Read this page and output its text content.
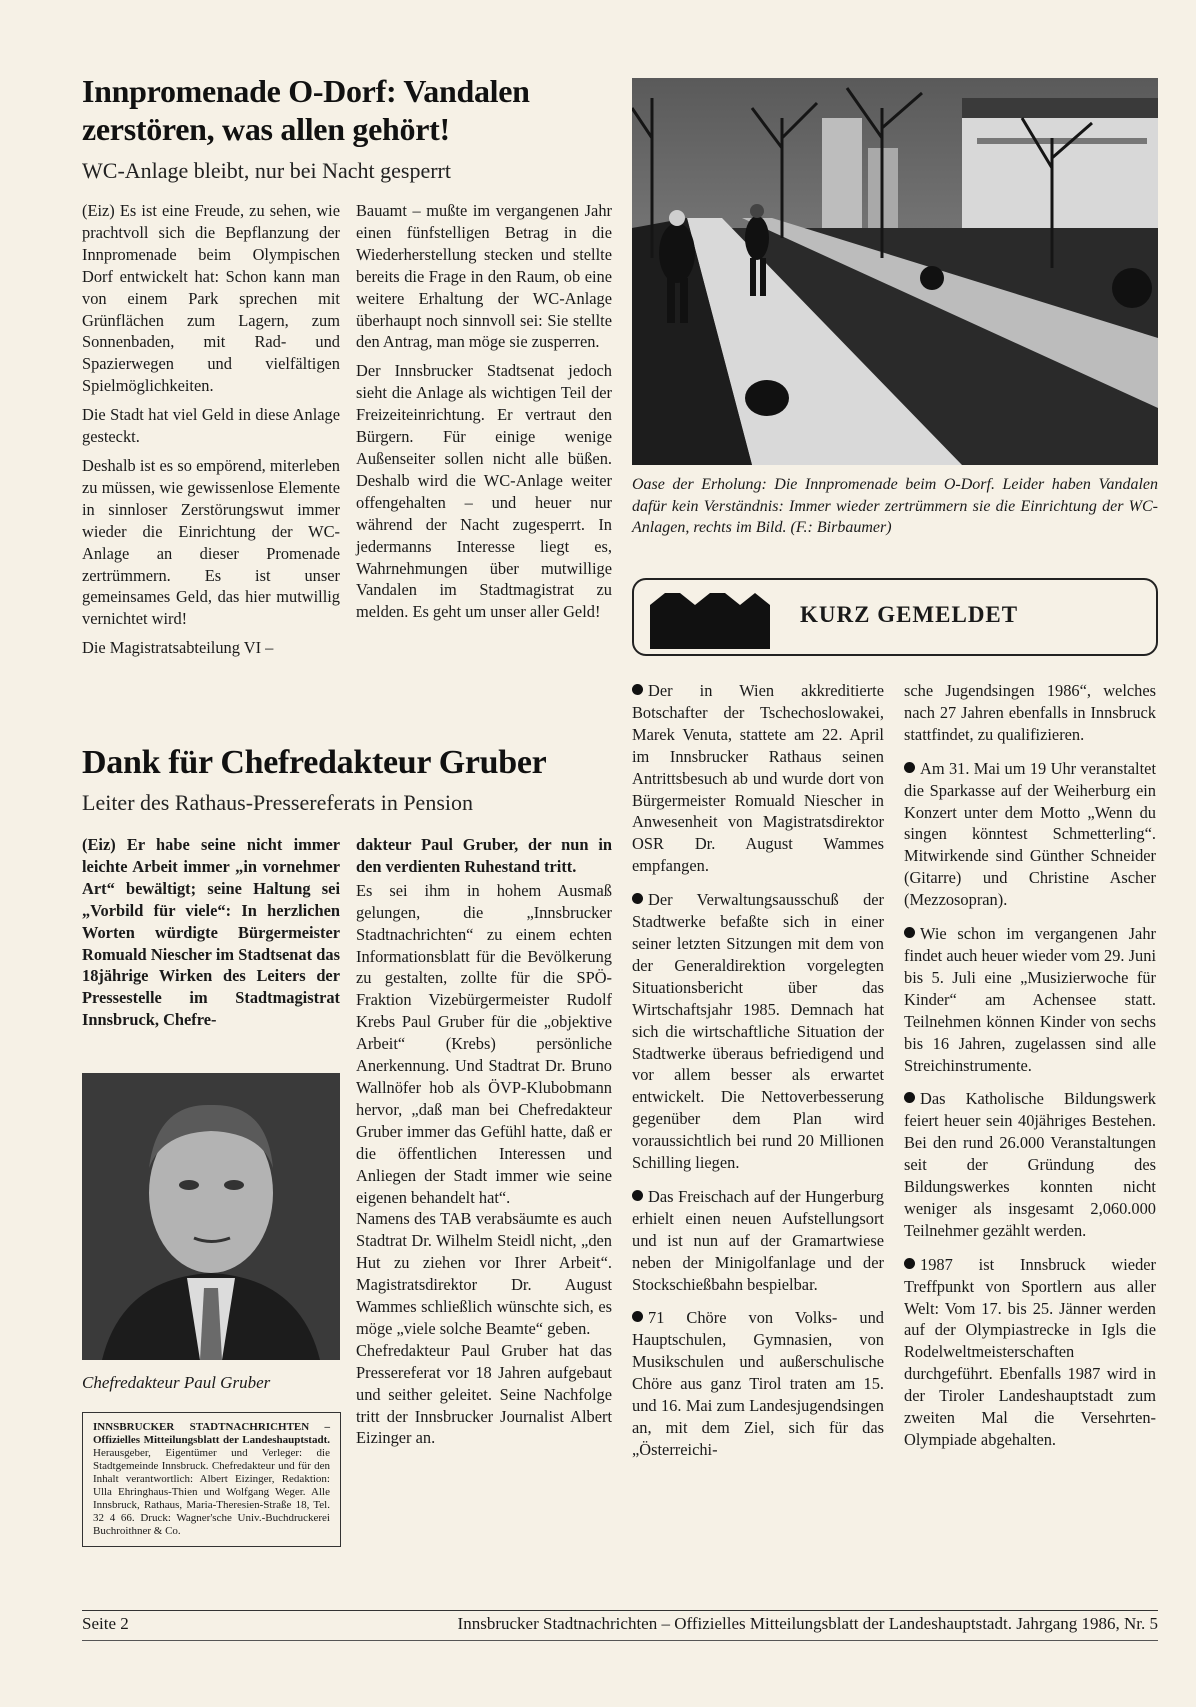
Innpromenade O-Dorf: Vandalen zerstören, was allen gehört!
WC-Anlage bleibt, nur bei Nacht gesperrt

(Eiz) Es ist eine Freude, zu sehen, wie prachtvoll sich die Bepflanzung der Innpromenade beim Olympischen Dorf entwickelt hat: Schon kann man von einem Park sprechen mit Grünflächen zum Lagern, zum Sonnenbaden, mit Rad- und Spazierwegen und vielfältigen Spielmöglichkeiten.

Die Stadt hat viel Geld in diese Anlage gesteckt.

Deshalb ist es so empörend, miterleben zu müssen, wie gewissenlose Elemente in sinnloser Zerstörungswut immer wieder die Einrichtung der WC-Anlage an dieser Promenade zertrümmern. Es ist unser gemeinsames Geld, das hier mutwillig vernichtet wird!

Die Magistratsabteilung VI –

Bauamt – mußte im vergangenen Jahr einen fünfstelligen Betrag in die Wiederherstellung stecken und stellte bereits die Frage in den Raum, ob eine weitere Erhaltung der WC-Anlage überhaupt noch sinnvoll sei: Sie stellte den Antrag, man möge sie zusperren.

Der Innsbrucker Stadtsenat jedoch sieht die Anlage als wichtigen Teil der Freizeiteinrichtung. Er vertraut den Bürgern. Für einige wenige Außenseiter sollen nicht alle büßen. Deshalb wird die WC-Anlage weiter offengehalten – und heuer nur während der Nacht zugesperrt. In jedermanns Interesse liegt es, Wahrnehmungen über mutwillige Vandalen im Stadtmagistrat zu melden. Es geht um unser aller Geld!

Oase der Erholung: Die Innpromenade beim O-Dorf. Leider haben Vandalen dafür kein Verständnis: Immer wieder zertrümmern sie die Einrichtung der WC-Anlagen, rechts im Bild. (F.: Birbaumer)
Dank für Chefredakteur Gruber
Leiter des Rathaus-Pressereferats in Pension
(Eiz) Er habe seine nicht immer leichte Arbeit immer „in vornehmer Art“ bewältigt; seine Haltung sei „Vorbild für viele“: In herzlichen Worten würdigte Bürgermeister Romuald Niescher im Stadtsenat das 18jährige Wirken des Leiters der Pressestelle im Stadtmagistrat Innsbruck, Chefre-
Chefredakteur Paul Gruber
INNSBRUCKER STADTNACHRICHTEN – Offizielles Mitteilungsblatt der Landeshauptstadt. Herausgeber, Eigentümer und Verleger: die Stadtgemeinde Innsbruck. Chefredakteur und für den Inhalt verantwortlich: Albert Eizinger, Redaktion: Ulla Ehringhaus-Thien und Wolfgang Weger. Alle Innsbruck, Rathaus, Maria-Theresien-Straße 18, Tel. 32 4 66. Druck: Wagner'sche Univ.-Buchdruckerei Buchroithner & Co.

dakteur Paul Gruber, der nun in den verdienten Ruhestand tritt.

Es sei ihm in hohem Ausmaß gelungen, die „Innsbrucker Stadtnachrichten“ zu einem echten Informationsblatt für die Bevölkerung zu gestalten, zollte für die SPÖ-Fraktion Vizebürgermeister Rudolf Krebs Paul Gruber für die „objektive Arbeit“ (Krebs) persönliche Anerkennung. Und Stadtrat Dr. Bruno Wallnöfer hob als ÖVP-Klubobmann hervor, „daß man bei Chefredakteur Gruber immer das Gefühl hatte, daß er die öffentlichen Interessen und Anliegen der Stadt immer wie seine eigenen behandelt hat“.

Namens des TAB verabsäumte es auch Stadtrat Dr. Wilhelm Steidl nicht, „den Hut zu ziehen vor Ihrer Arbeit“. Magistratsdirektor Dr. August Wammes schließlich wünschte sich, es möge „viele solche Beamte“ geben.

Chefredakteur Paul Gruber hat das Pressereferat vor 18 Jahren aufgebaut und seither geleitet. Seine Nachfolge tritt der Innsbrucker Journalist Albert Eizinger an.

KURZ GEMELDET

Der in Wien akkreditierte Botschafter der Tschechoslowakei, Marek Venuta, stattete am 22. April im Innsbrucker Rathaus seinen Antrittsbesuch ab und wurde dort von Bürgermeister Romuald Niescher in Anwesenheit von Magistratsdirektor OSR Dr. August Wammes empfangen.

Der Verwaltungsausschuß der Stadtwerke befaßte sich in einer seiner letzten Sitzungen mit dem von der Generaldirektion vorgelegten Situationsbericht über das Wirtschaftsjahr 1985. Demnach hat sich die wirtschaftliche Situation der Stadtwerke überaus befriedigend und vor allem besser als erwartet entwickelt. Die Nettoverbesserung gegenüber dem Plan wird voraussichtlich bei rund 20 Millionen Schilling liegen.

Das Freischach auf der Hungerburg erhielt einen neuen Aufstellungsort und ist nun auf der Gramartwiese neben der Minigolfanlage und der Stockschießbahn bespielbar.

71 Chöre von Volks- und Hauptschulen, Gymnasien, von Musikschulen und außerschulische Chöre aus ganz Tirol traten am 15. und 16. Mai zum Landesjugendsingen an, mit dem Ziel, sich für das „Österreichi-

sche Jugendsingen 1986“, welches nach 27 Jahren ebenfalls in Innsbruck stattfindet, zu qualifizieren.

Am 31. Mai um 19 Uhr veranstaltet die Sparkasse auf der Weiherburg ein Konzert unter dem Motto „Wenn du singen könntest Schmetterling“. Mitwirkende sind Günther Schneider (Gitarre) und Christine Ascher (Mezzosopran).

Wie schon im vergangenen Jahr findet auch heuer wieder vom 29. Juni bis 5. Juli eine „Musizierwoche für Kinder“ am Achensee statt. Teilnehmen können Kinder von sechs bis 16 Jahren, zugelassen sind alle Streichinstrumente.

Das Katholische Bildungswerk feiert heuer sein 40jähriges Bestehen. Bei den rund 26.000 Veranstaltungen seit der Gründung des Bildungswerkes konnten nicht weniger als insgesamt 2,060.000 Teilnehmer gezählt werden.

1987 ist Innsbruck wieder Treffpunkt von Sportlern aus aller Welt: Vom 17. bis 25. Jänner werden auf der Olympiastrecke in Igls die Rodelweltmeisterschaften durchgeführt. Ebenfalls 1987 wird in der Tiroler Landeshauptstadt zum zweiten Mal die Versehrten-Olympiade abgehalten.

Seite 2	Innsbrucker Stadtnachrichten – Offizielles Mitteilungsblatt der Landeshauptstadt. Jahrgang 1986, Nr. 5
